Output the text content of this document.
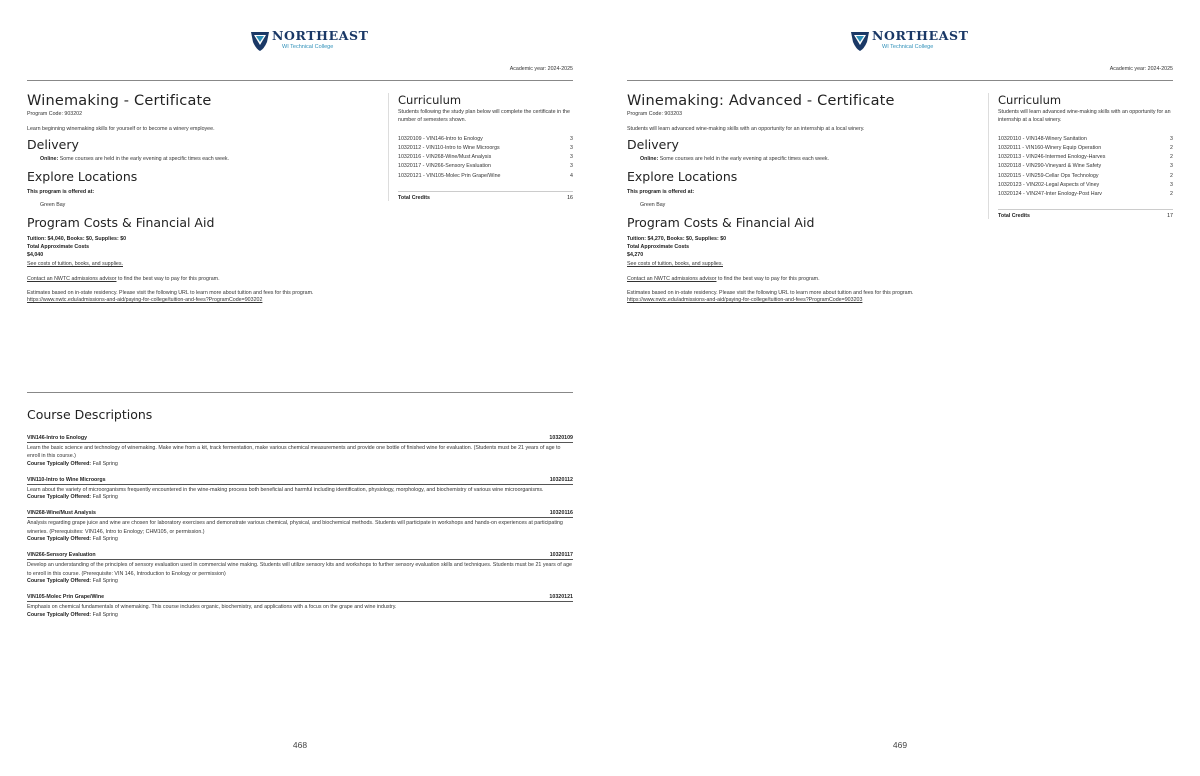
NORTHEAST
WI Technical College
Academic year: 2024-2025
Winemaking - Certificate
Program Code: 903202
Learn beginning winemaking skills for yourself or to become a winery employee.
Delivery
Online: Some courses are held in the early evening at specific times each week.
Explore Locations
This program is offered at:
Green Bay
Program Costs & Financial Aid
Tuition: $4,040, Books: $0, Supplies: $0
Total Approximate Costs
$4,040
See costs of tuition, books, and supplies.
Contact an NWTC admissions advisor to find the best way to pay for this program.
Estimates based on in-state residency. Please visit the following URL to learn more about tuition and fees for this program.
https://www.nwtc.edu/admissions-and-aid/paying-for-college/tuition-and-fees?ProgramCode=903202
Curriculum
Students following the study plan below will complete the certificate in the number of semesters shown.
10320109 - VIN146-Intro to Enology	3
10320112 - VIN110-Intro to Wine Microorgs	3
10320116 - VIN268-Wine/Must Analysis	3
10320117 - VIN266-Sensory Evaluation	3
10320121 - VIN105-Molec Prin Grape/Wine	4
Total Credits	16
Course Descriptions
VIN146-Intro to Enology	10320109
Learn the basic science and technology of winemaking. Make wine from a kit, track fermentation, make various chemical measurements and provide one bottle of finished wine for evaluation. (Students must be 21 years of age to enroll in this course.)
Course Typically Offered: Fall Spring
VIN110-Intro to Wine Microorgs	10320112
Learn about the variety of microorganisms frequently encountered in the wine-making process both beneficial and harmful including identification, physiology, morphology, and biochemistry of various wine microorganisms.
Course Typically Offered: Fall Spring
VIN268-Wine/Must Analysis	10320116
Analysis regarding grape juice and wine are chosen for laboratory exercises and demonstrate various chemical, physical, and biochemical methods. Students will participate in workshops and hands-on experiences at participating wineries. (Prerequisites: VIN146, Intro to Enology; CHM105, or permission.)
Course Typically Offered: Fall Spring
VIN266-Sensory Evaluation	10320117
Develop an understanding of the principles of sensory evaluation used in commercial wine making. Students will utilize sensory kits and workshops to further sensory evaluation skills and techniques. Students must be 21 years of age to enroll in this course. (Prerequisite: VIN 146, Introduction to Enology or permission)
Course Typically Offered: Fall Spring
VIN105-Molec Prin Grape/Wine	10320121
Emphasis on chemical fundamentals of winemaking. This course includes organic, biochemistry, and applications with a focus on the grape and wine industry.
Course Typically Offered: Fall Spring
468
NORTHEAST
WI Technical College
Academic year: 2024-2025
Winemaking: Advanced - Certificate
Program Code: 903203
Students will learn advanced wine-making skills with an opportunity for an internship at a local winery.
Delivery
Online: Some courses are held in the early evening at specific times each week.
Explore Locations
This program is offered at:
Green Bay
Program Costs & Financial Aid
Tuition: $4,270, Books: $0, Supplies: $0
Total Approximate Costs
$4,270
See costs of tuition, books, and supplies.
Contact an NWTC admissions advisor to find the best way to pay for this program.
Estimates based on in-state residency. Please visit the following URL to learn more about tuition and fees for this program.
https://www.nwtc.edu/admissions-and-aid/paying-for-college/tuition-and-fees?ProgramCode=903203
Curriculum
Students will learn advanced wine-making skills with an opportunity for an internship at a local winery.
10320110 - VIN148-Winery Sanitation	3
10320111 - VIN160-Winery Equip Operation	2
10320113 - VIN246-Intermed Enology-Harves	2
10320118 - VIN290-Vineyard & Wine Safety	3
10320115 - VIN259-Cellar Ops Technology	2
10320123 - VIN202-Legal Aspects of Viney	3
10320124 - VIN247-Inter Enology-Post Harv	2
Total Credits	17
469
